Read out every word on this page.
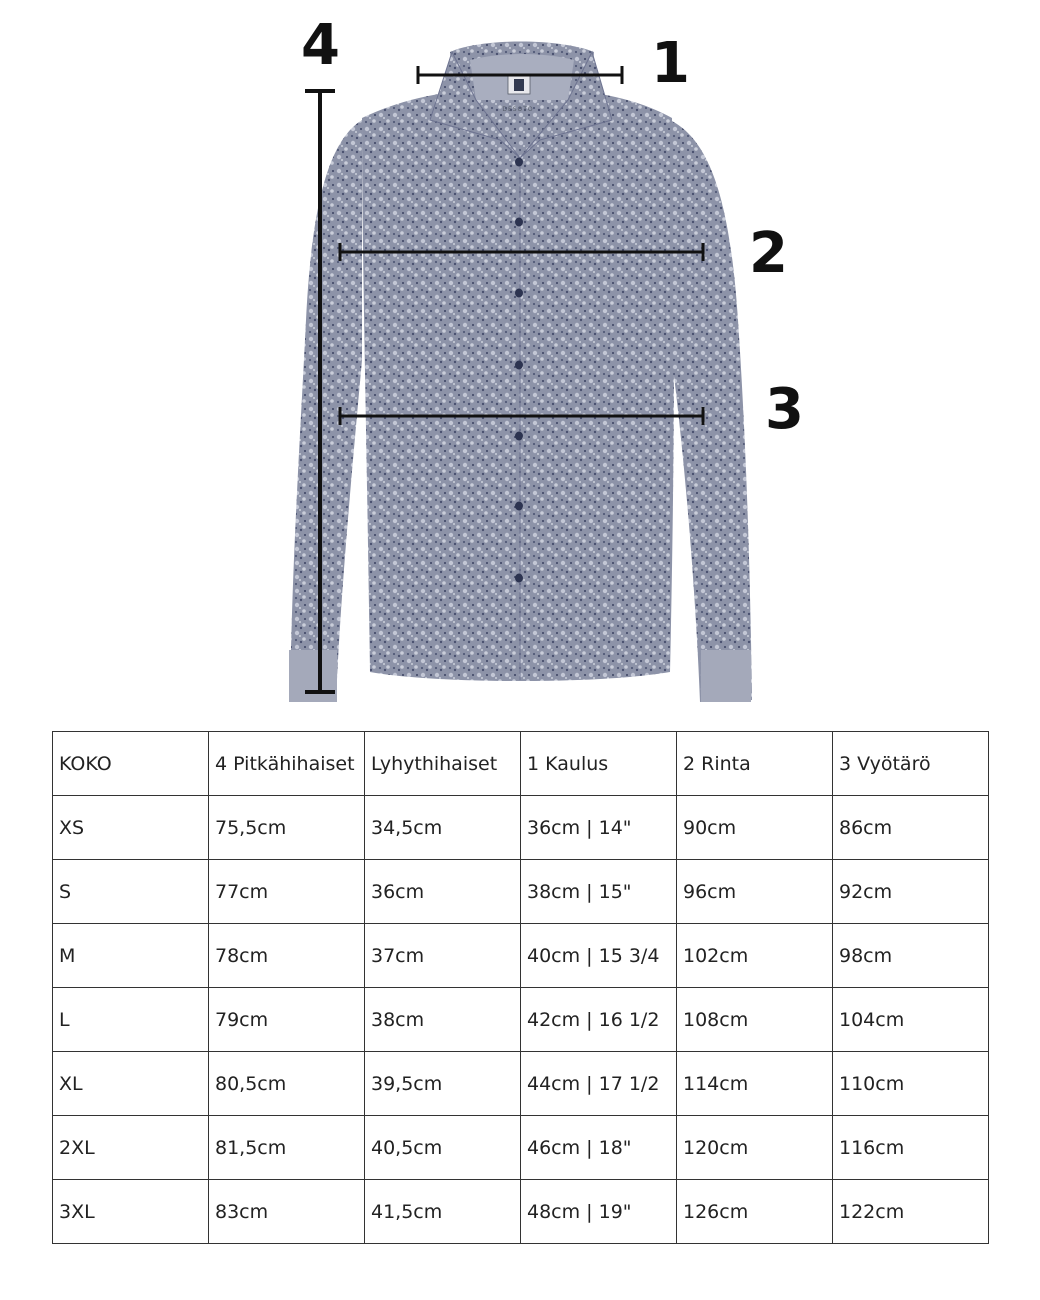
DESOTO
1
2
3
4
KOKO	4 Pitkähihaiset	Lyhythihaiset	1 Kaulus	2 Rinta	3 Vyötärö
XS	75,5cm	34,5cm	36cm | 14"	90cm	86cm
S	77cm	36cm	38cm | 15"	96cm	92cm
M	78cm	37cm	40cm | 15 3/4	102cm	98cm
L	79cm	38cm	42cm | 16 1/2	108cm	104cm
XL	80,5cm	39,5cm	44cm | 17 1/2	114cm	110cm
2XL	81,5cm	40,5cm	46cm | 18"	120cm	116cm
3XL	83cm	41,5cm	48cm | 19"	126cm	122cm
